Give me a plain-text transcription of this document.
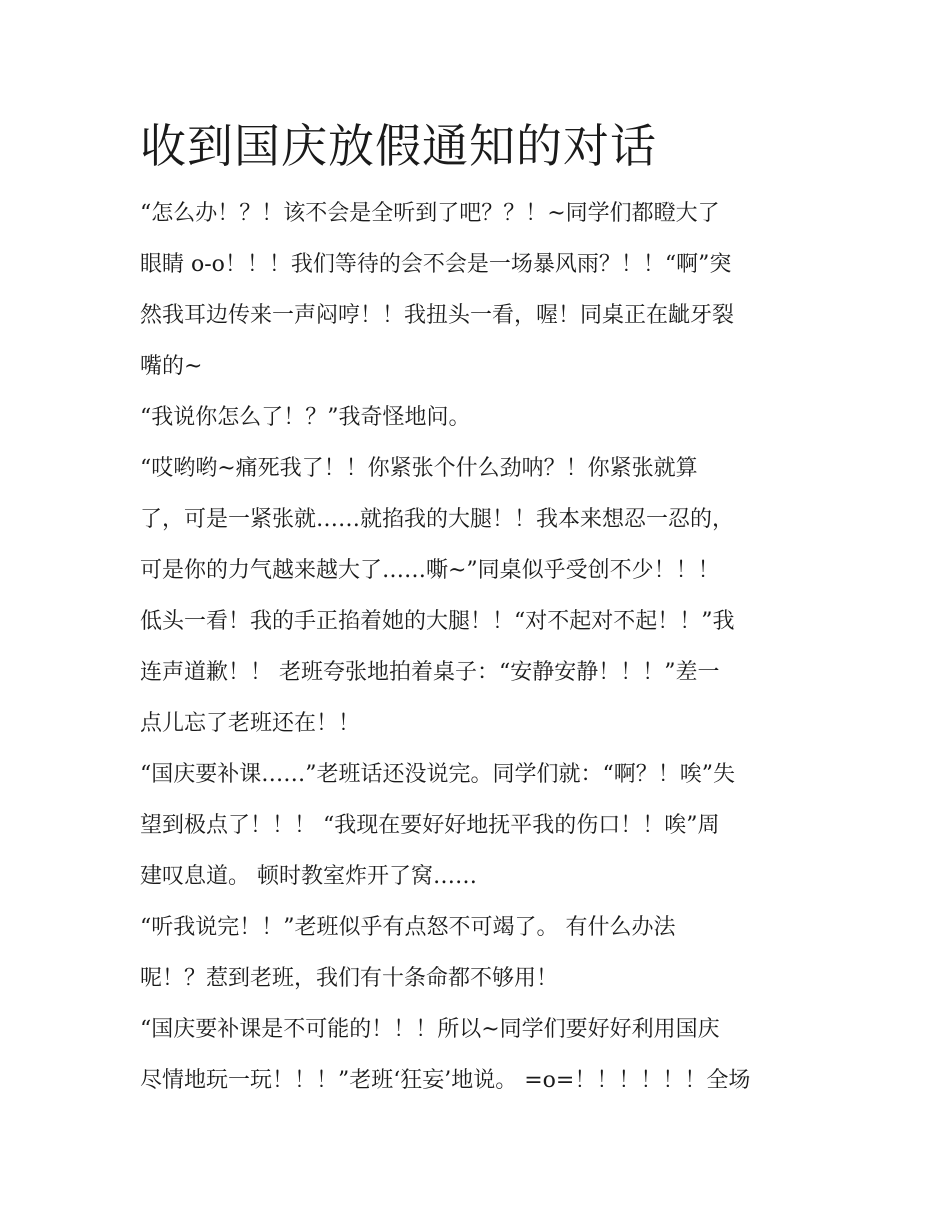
收到国庆放假通知的对话
“怎么办！？！该不会是全听到了吧？？！~同学们都瞪大了
眼睛 o-o！！！我们等待的会不会是一场暴风雨？！！“啊”突
然我耳边传来一声闷哼！！我扭头一看，喔！同桌正在龇牙裂
嘴的~
“我说你怎么了！？”我奇怪地问。
“哎哟哟~痛死我了！！你紧张个什么劲呐？！你紧张就算
了，可是一紧张就……就掐我的大腿！！我本来想忍一忍的，
可是你的力气越来越大了……嘶~”同桌似乎受创不少！！！
低头一看！我的手正掐着她的大腿！！“对不起对不起！！”我
连声道歉！！ 老班夸张地拍着桌子：“安静安静！！！”差一
点儿忘了老班还在！！
“国庆要补课……”老班话还没说完。同学们就：“啊？！唉”失
望到极点了！！！ “我现在要好好地抚平我的伤口！！唉”周
建叹息道。 顿时教室炸开了窝……
“听我说完！！”老班似乎有点怒不可竭了。 有什么办法
呢！？惹到老班，我们有十条命都不够用！
“国庆要补课是不可能的！！！所以~同学们要好好利用国庆
尽情地玩一玩！！！”老班‘狂妄’地说。 =o=！！！！！！全场
